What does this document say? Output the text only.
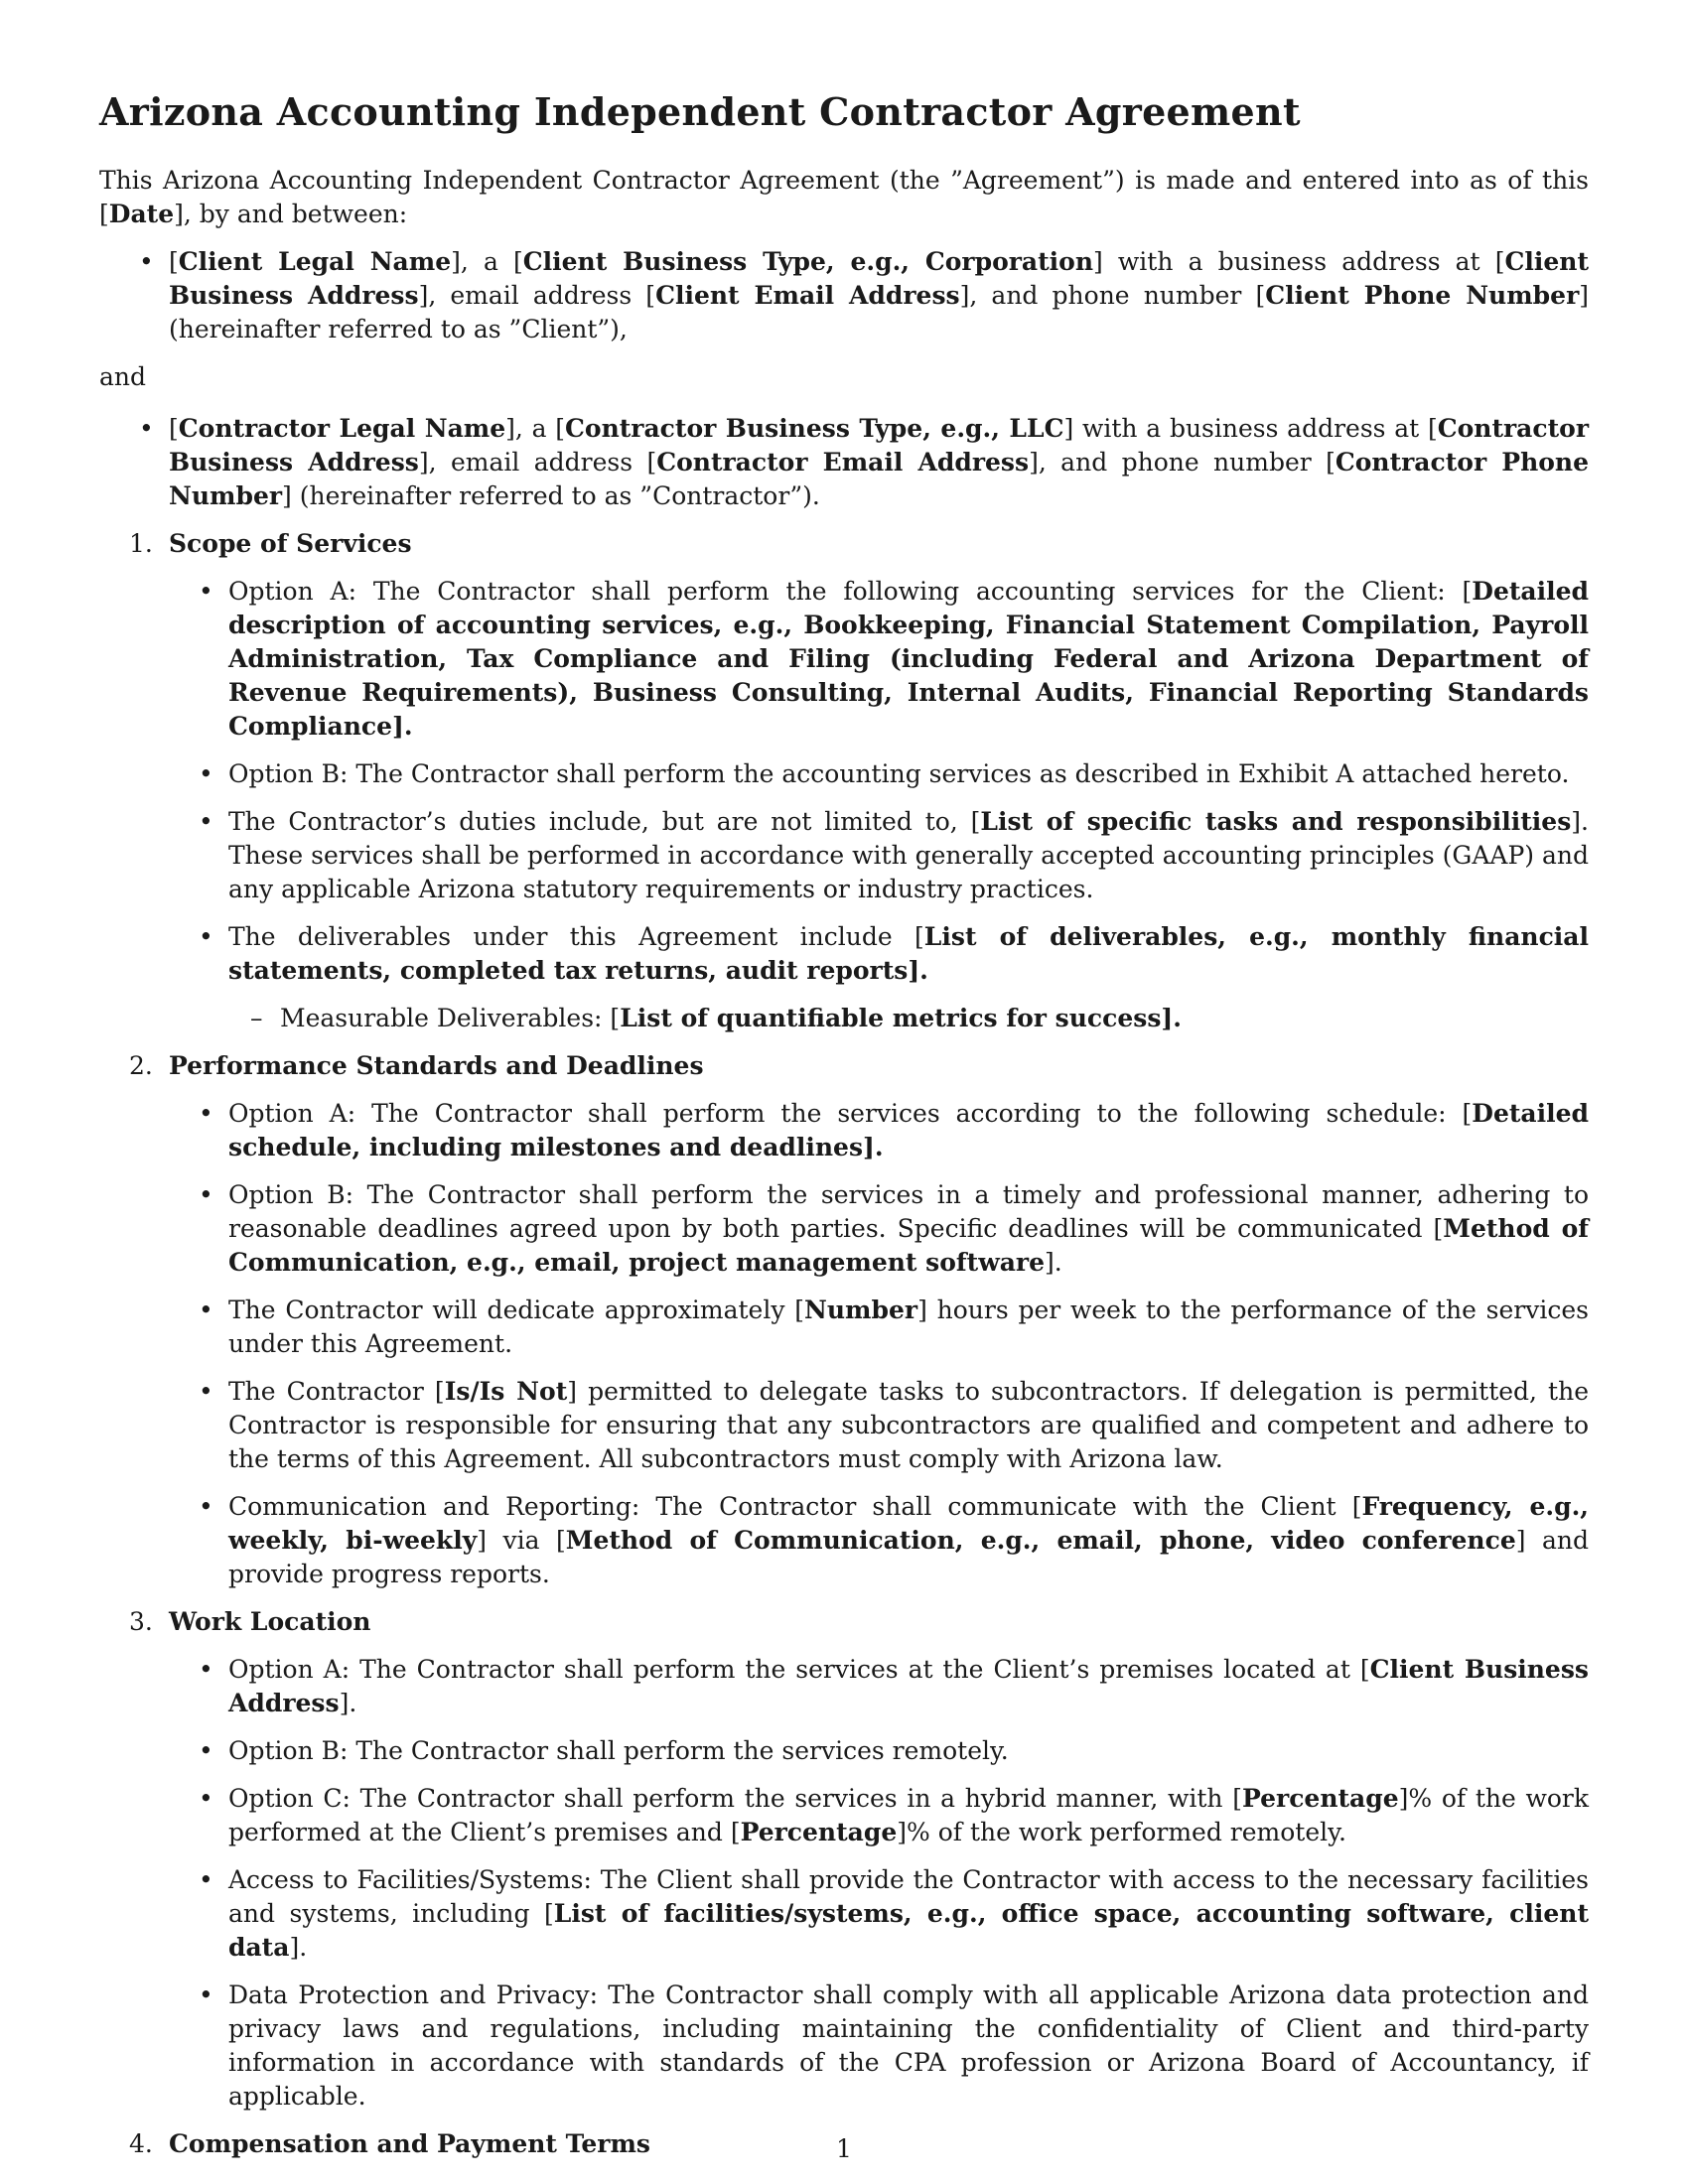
Arizona Accounting Independent Contractor Agreement

This Arizona Accounting Independent Contractor Agreement (the ”Agreement”) is made and entered into as of this [Date], by and between:

• [Client Legal Name], a [Client Business Type, e.g., Corporation] with a business address at [Client Business Address], email address [Client Email Address], and phone number [Client Phone Number] (hereinafter referred to as ”Client”),

and

• [Contractor Legal Name], a [Contractor Business Type, e.g., LLC] with a business address at [Contractor Business Address], email address [Contractor Email Address], and phone number [Contractor Phone Number] (hereinafter referred to as ”Contractor”).
1. Scope of Services
• Option A: The Contractor shall perform the following accounting services for the Client: [Detailed description of accounting services, e.g., Bookkeeping, Financial Statement Compilation, Payroll Administration, Tax Compliance and Filing (including Federal and Arizona Department of Revenue Requirements), Business Consulting, Internal Audits, Financial Reporting Standards Compliance].
• Option B: The Contractor shall perform the accounting services as described in Exhibit A attached hereto.
• The Contractor’s duties include, but are not limited to, [List of specific tasks and responsibilities]. These services shall be performed in accordance with generally accepted accounting principles (GAAP) and any applicable Arizona statutory requirements or industry practices.
• The deliverables under this Agreement include [List of deliverables, e.g., monthly financial statements, completed tax returns, audit reports].
– Measurable Deliverables: [List of quantifiable metrics for success].
2. Performance Standards and Deadlines
• Option A: The Contractor shall perform the services according to the following schedule: [Detailed schedule, including milestones and deadlines].
• Option B: The Contractor shall perform the services in a timely and professional manner, adhering to reasonable deadlines agreed upon by both parties. Specific deadlines will be communicated [Method of Communication, e.g., email, project management software].
• The Contractor will dedicate approximately [Number] hours per week to the performance of the services under this Agreement.
• The Contractor [Is/Is Not] permitted to delegate tasks to subcontractors. If delegation is permitted, the Contractor is responsible for ensuring that any subcontractors are qualified and competent and adhere to the terms of this Agreement. All subcontractors must comply with Arizona law.
• Communication and Reporting: The Contractor shall communicate with the Client [Frequency, e.g., weekly, bi-weekly] via [Method of Communication, e.g., email, phone, video conference] and provide progress reports.
3. Work Location
• Option A: The Contractor shall perform the services at the Client’s premises located at [Client Business Address].
• Option B: The Contractor shall perform the services remotely.
• Option C: The Contractor shall perform the services in a hybrid manner, with [Percentage]% of the work performed at the Client’s premises and [Percentage]% of the work performed remotely.
• Access to Facilities/Systems: The Client shall provide the Contractor with access to the necessary facilities and systems, including [List of facilities/systems, e.g., office space, accounting software, client data].
• Data Protection and Privacy: The Contractor shall comply with all applicable Arizona data protection and privacy laws and regulations, including maintaining the confidentiality of Client and third-party information in accordance with standards of the CPA profession or Arizona Board of Accountancy, if applicable.
4. Compensation and Payment Terms	1
